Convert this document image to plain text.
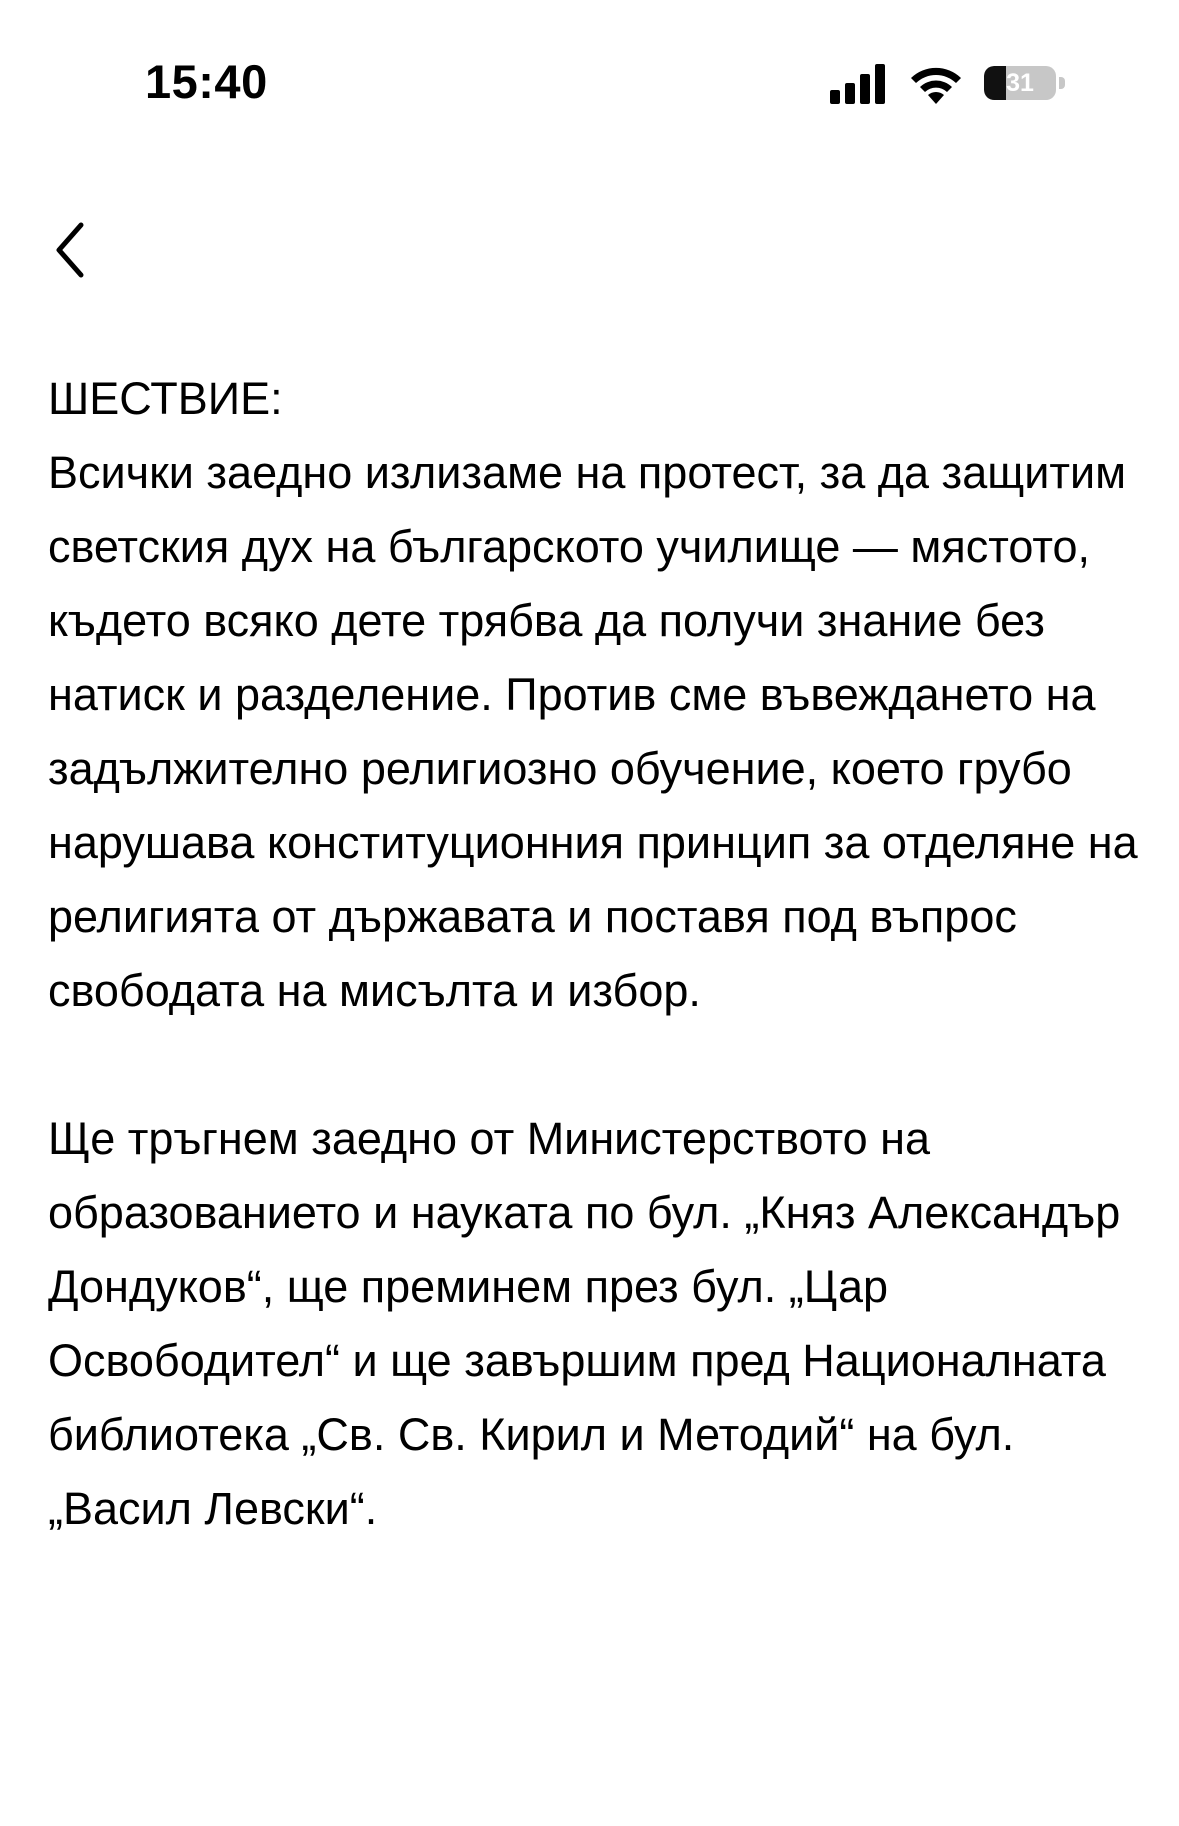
15:40	31

ШЕСТВИЕ:
Всички заедно излизаме на протест, за да защитим светския дух на българското училище — мястото, където всяко дете трябва да получи знание без натиск и разделение. Против сме въвеждането на задължително религиозно обучение, което грубо нарушава конституционния принцип за отделяне на религията от държавата и поставя под въпрос свободата на мисълта и избор.

Ще тръгнем заедно от Министерството на образованието и науката по бул. „Княз Александър Дондуков“, ще преминем през бул. „Цар Освободител“ и ще завършим пред Националната библиотека „Св. Св. Кирил и Методий“ на бул. „Васил Левски“.
